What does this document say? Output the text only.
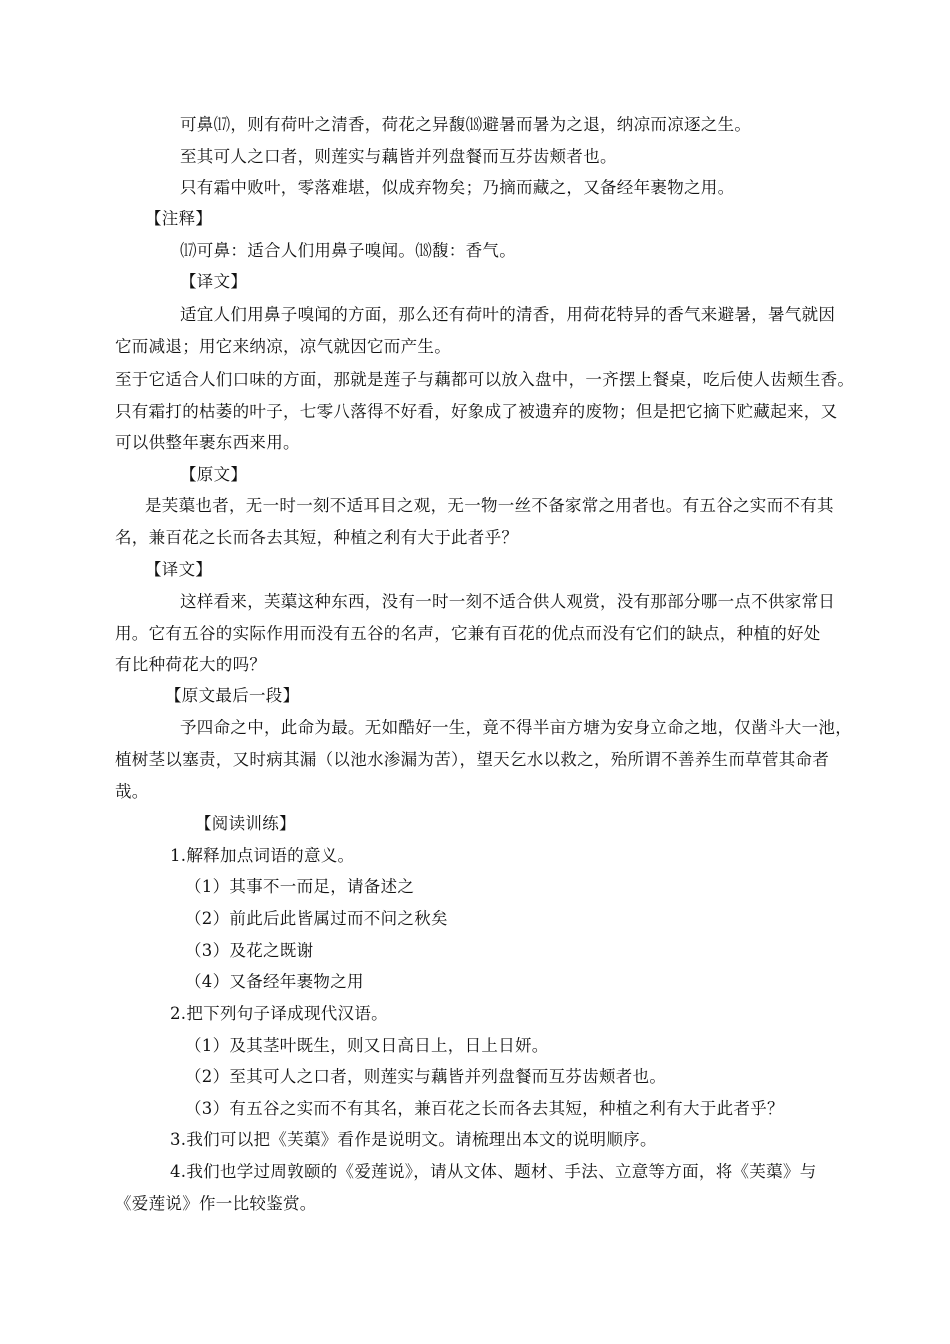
可鼻⒄，则有荷叶之清香，荷花之异馥⒅避暑而暑为之退，纳凉而凉逐之生。
至其可人之口者，则莲实与藕皆并列盘餐而互芬齿颊者也。
只有霜中败叶，零落难堪，似成弃物矣；乃摘而藏之，又备经年裹物之用。
【注释】
⒄可鼻：适合人们用鼻子嗅闻。⒅馥：香气。
【译文】
适宜人们用鼻子嗅闻的方面，那么还有荷叶的清香，用荷花特异的香气来避暑，暑气就因
它而减退；用它来纳凉，凉气就因它而产生。
至于它适合人们口味的方面，那就是莲子与藕都可以放入盘中，一齐摆上餐桌，吃后使人齿颊生香。
只有霜打的枯萎的叶子，七零八落得不好看，好象成了被遗弃的废物；但是把它摘下贮藏起来，又
可以供整年裹东西来用。
【原文】
是芙蕖也者，无一时一刻不适耳目之观，无一物一丝不备家常之用者也。有五谷之实而不有其
名，兼百花之长而各去其短，种植之利有大于此者乎？
【译文】
这样看来，芙蕖这种东西，没有一时一刻不适合供人观赏，没有那部分哪一点不供家常日
用。它有五谷的实际作用而没有五谷的名声，它兼有百花的优点而没有它们的缺点，种植的好处
有比种荷花大的吗？
【原文最后一段】
予四命之中，此命为最。无如酷好一生，竟不得半亩方塘为安身立命之地，仅凿斗大一池，
植树茎以塞责，又时病其漏（以池水渗漏为苦），望天乞水以救之，殆所谓不善养生而草菅其命者
哉。
【阅读训练】
1.解释加点词语的意义。
（1）其事不一而足，请备述之
（2）前此后此皆属过而不问之秋矣
（3）及花之既谢
（4）又备经年裹物之用
2.把下列句子译成现代汉语。
（1）及其茎叶既生，则又日高日上，日上日妍。
（2）至其可人之口者，则莲实与藕皆并列盘餐而互芬齿颊者也。
（3）有五谷之实而不有其名，兼百花之长而各去其短，种植之利有大于此者乎？
3.我们可以把《芙蕖》看作是说明文。请梳理出本文的说明顺序。
4.我们也学过周敦颐的《爱莲说》，请从文体、题材、手法、立意等方面，将《芙蕖》与
《爱莲说》作一比较鉴赏。
